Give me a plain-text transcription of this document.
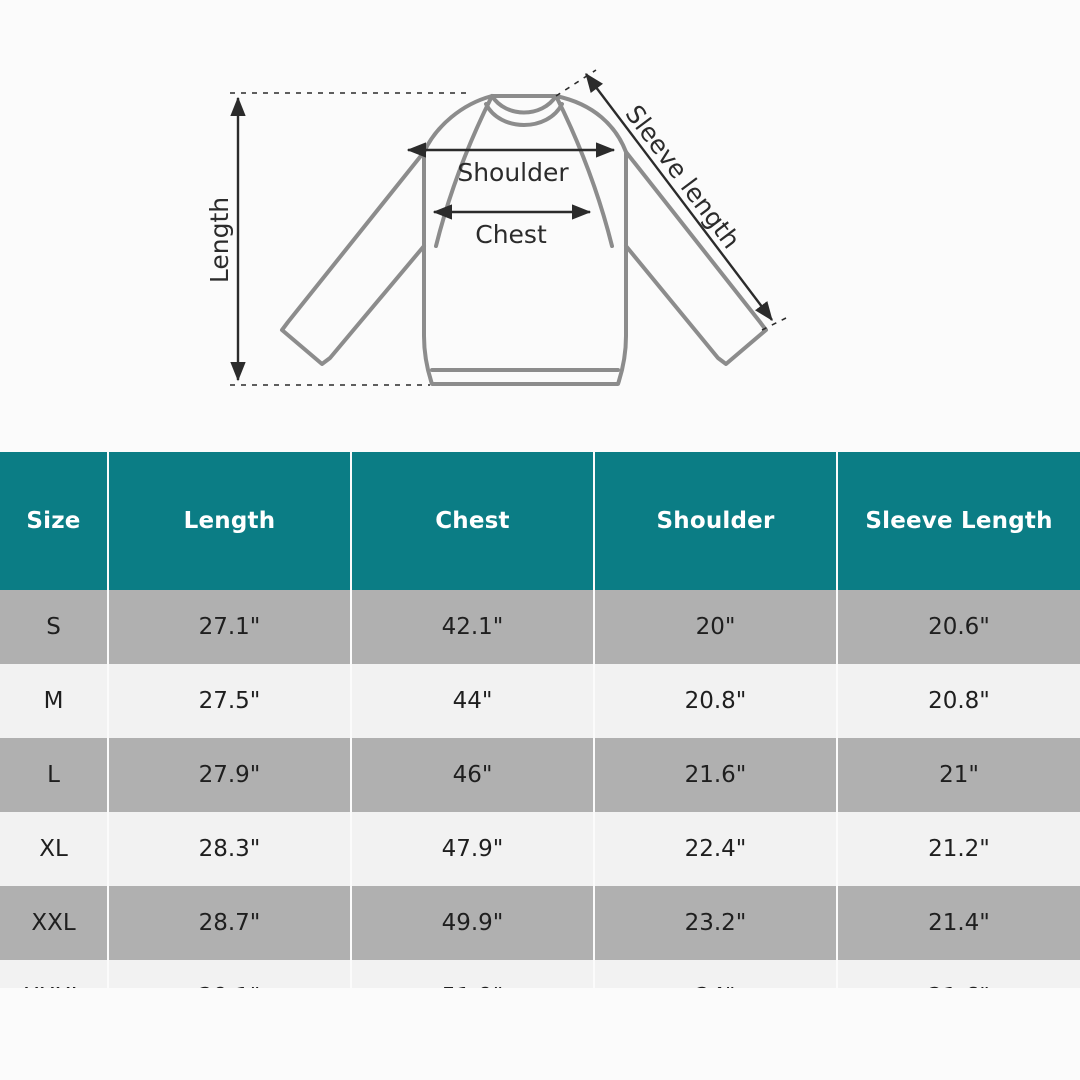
Length
Shoulder
Chest	Sleeve length
Size	Length	Chest	Shoulder	Sleeve Length
S	27.1"	42.1"	20"	20.6"
M	27.5"	44"	20.8"	20.8"
L	27.9"	46"	21.6"	21"
XL	28.3"	47.9"	22.4"	21.2"
XXL	28.7"	49.9"	23.2"	21.4"
